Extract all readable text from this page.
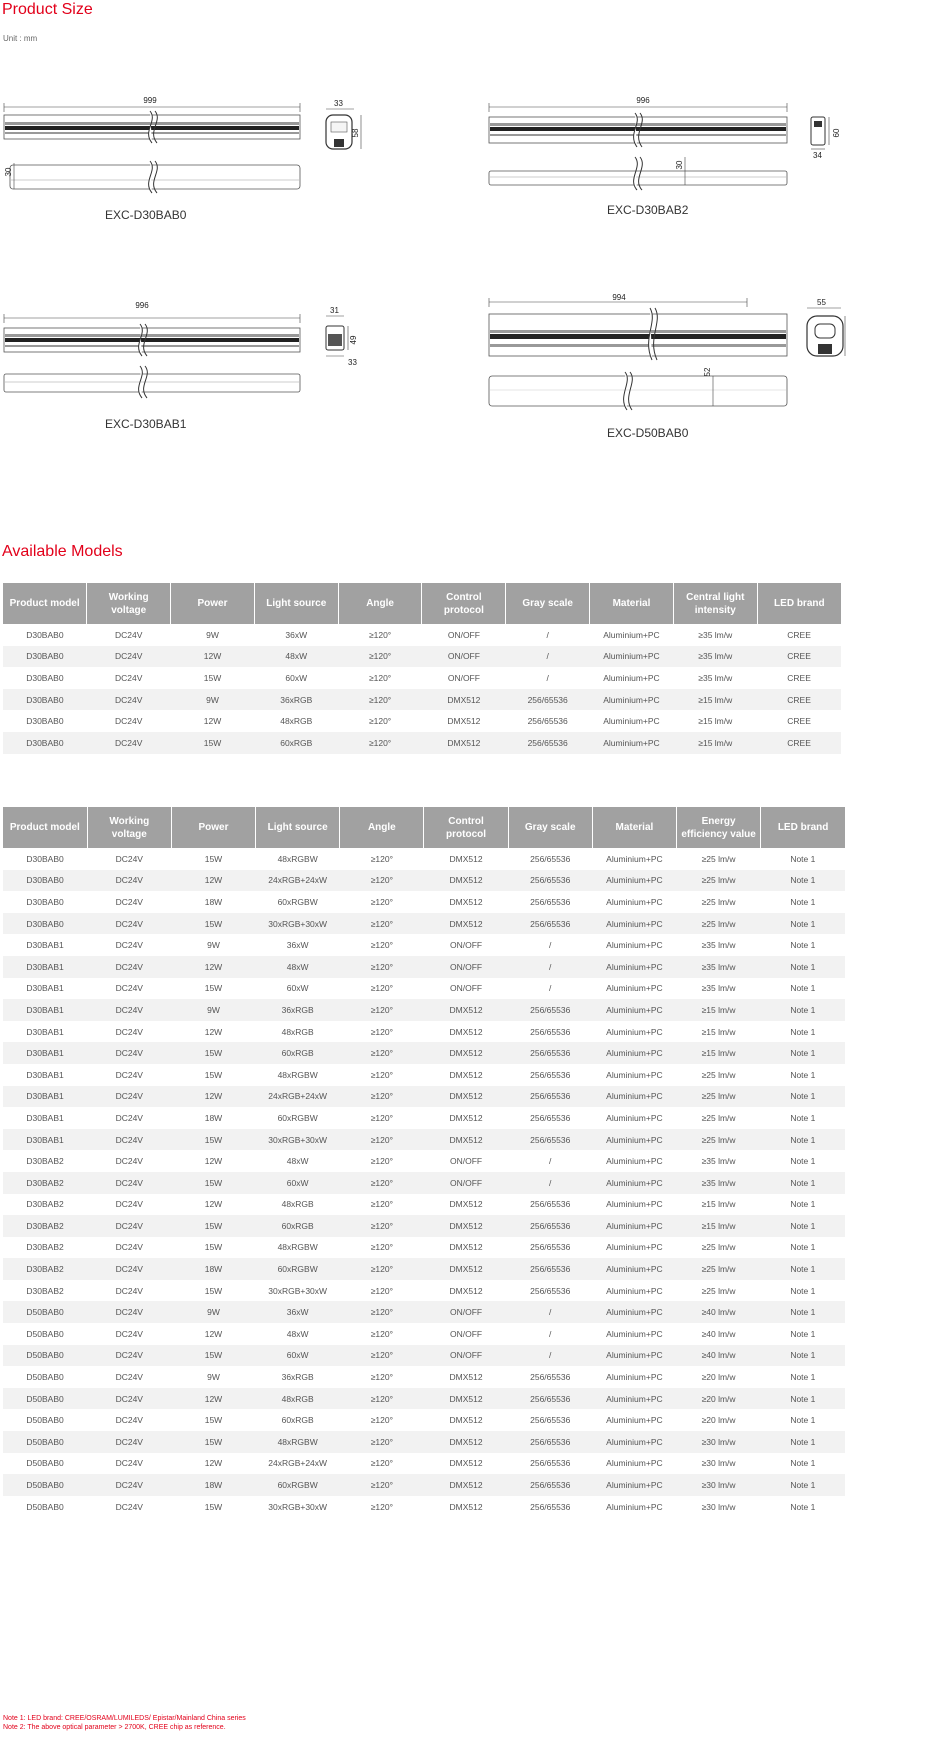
Product Size
Unit : mm
999
30
33
58
EXC-D30BAB0
996
30
60
34
EXC-D30BAB2
996
31
49
33
EXC-D30BAB1
994
52
55
EXC-D50BAB0
Available Models
Product model	Working voltage	Power	Light source	Angle	Control protocol	Gray scale	Material	Central light intensity	LED brand
D30BAB0	DC24V	9W	36xW	≥120°	ON/OFF	/	Aluminium+PC	≥35 lm/w	CREE
D30BAB0	DC24V	12W	48xW	≥120°	ON/OFF	/	Aluminium+PC	≥35 lm/w	CREE
D30BAB0	DC24V	15W	60xW	≥120°	ON/OFF	/	Aluminium+PC	≥35 lm/w	CREE
D30BAB0	DC24V	9W	36xRGB	≥120°	DMX512	256/65536	Aluminium+PC	≥15 lm/w	CREE
D30BAB0	DC24V	12W	48xRGB	≥120°	DMX512	256/65536	Aluminium+PC	≥15 lm/w	CREE
D30BAB0	DC24V	15W	60xRGB	≥120°	DMX512	256/65536	Aluminium+PC	≥15 lm/w	CREE
Product model	Working voltage	Power	Light source	Angle	Control protocol	Gray scale	Material	Energy efficiency value	LED brand
D30BAB0	DC24V	15W	48xRGBW	≥120°	DMX512	256/65536	Aluminium+PC	≥25 lm/w	Note 1
D30BAB0	DC24V	12W	24xRGB+24xW	≥120°	DMX512	256/65536	Aluminium+PC	≥25 lm/w	Note 1
D30BAB0	DC24V	18W	60xRGBW	≥120°	DMX512	256/65536	Aluminium+PC	≥25 lm/w	Note 1
D30BAB0	DC24V	15W	30xRGB+30xW	≥120°	DMX512	256/65536	Aluminium+PC	≥25 lm/w	Note 1
D30BAB1	DC24V	9W	36xW	≥120°	ON/OFF	/	Aluminium+PC	≥35 lm/w	Note 1
D30BAB1	DC24V	12W	48xW	≥120°	ON/OFF	/	Aluminium+PC	≥35 lm/w	Note 1
D30BAB1	DC24V	15W	60xW	≥120°	ON/OFF	/	Aluminium+PC	≥35 lm/w	Note 1
D30BAB1	DC24V	9W	36xRGB	≥120°	DMX512	256/65536	Aluminium+PC	≥15 lm/w	Note 1
D30BAB1	DC24V	12W	48xRGB	≥120°	DMX512	256/65536	Aluminium+PC	≥15 lm/w	Note 1
D30BAB1	DC24V	15W	60xRGB	≥120°	DMX512	256/65536	Aluminium+PC	≥15 lm/w	Note 1
D30BAB1	DC24V	15W	48xRGBW	≥120°	DMX512	256/65536	Aluminium+PC	≥25 lm/w	Note 1
D30BAB1	DC24V	12W	24xRGB+24xW	≥120°	DMX512	256/65536	Aluminium+PC	≥25 lm/w	Note 1
D30BAB1	DC24V	18W	60xRGBW	≥120°	DMX512	256/65536	Aluminium+PC	≥25 lm/w	Note 1
D30BAB1	DC24V	15W	30xRGB+30xW	≥120°	DMX512	256/65536	Aluminium+PC	≥25 lm/w	Note 1
D30BAB2	DC24V	12W	48xW	≥120°	ON/OFF	/	Aluminium+PC	≥35 lm/w	Note 1
D30BAB2	DC24V	15W	60xW	≥120°	ON/OFF	/	Aluminium+PC	≥35 lm/w	Note 1
D30BAB2	DC24V	12W	48xRGB	≥120°	DMX512	256/65536	Aluminium+PC	≥15 lm/w	Note 1
D30BAB2	DC24V	15W	60xRGB	≥120°	DMX512	256/65536	Aluminium+PC	≥15 lm/w	Note 1
D30BAB2	DC24V	15W	48xRGBW	≥120°	DMX512	256/65536	Aluminium+PC	≥25 lm/w	Note 1
D30BAB2	DC24V	18W	60xRGBW	≥120°	DMX512	256/65536	Aluminium+PC	≥25 lm/w	Note 1
D30BAB2	DC24V	15W	30xRGB+30xW	≥120°	DMX512	256/65536	Aluminium+PC	≥25 lm/w	Note 1
D50BAB0	DC24V	9W	36xW	≥120°	ON/OFF	/	Aluminium+PC	≥40 lm/w	Note 1
D50BAB0	DC24V	12W	48xW	≥120°	ON/OFF	/	Aluminium+PC	≥40 lm/w	Note 1
D50BAB0	DC24V	15W	60xW	≥120°	ON/OFF	/	Aluminium+PC	≥40 lm/w	Note 1
D50BAB0	DC24V	9W	36xRGB	≥120°	DMX512	256/65536	Aluminium+PC	≥20 lm/w	Note 1
D50BAB0	DC24V	12W	48xRGB	≥120°	DMX512	256/65536	Aluminium+PC	≥20 lm/w	Note 1
D50BAB0	DC24V	15W	60xRGB	≥120°	DMX512	256/65536	Aluminium+PC	≥20 lm/w	Note 1
D50BAB0	DC24V	15W	48xRGBW	≥120°	DMX512	256/65536	Aluminium+PC	≥30 lm/w	Note 1
D50BAB0	DC24V	12W	24xRGB+24xW	≥120°	DMX512	256/65536	Aluminium+PC	≥30 lm/w	Note 1
D50BAB0	DC24V	18W	60xRGBW	≥120°	DMX512	256/65536	Aluminium+PC	≥30 lm/w	Note 1
D50BAB0	DC24V	15W	30xRGB+30xW	≥120°	DMX512	256/65536	Aluminium+PC	≥30 lm/w	Note 1
Note 1: LED brand: CREE/OSRAM/LUMILEDS/ Epistar/Mainland China series
Note 2: The above optical parameter > 2700K, CREE chip as reference.
